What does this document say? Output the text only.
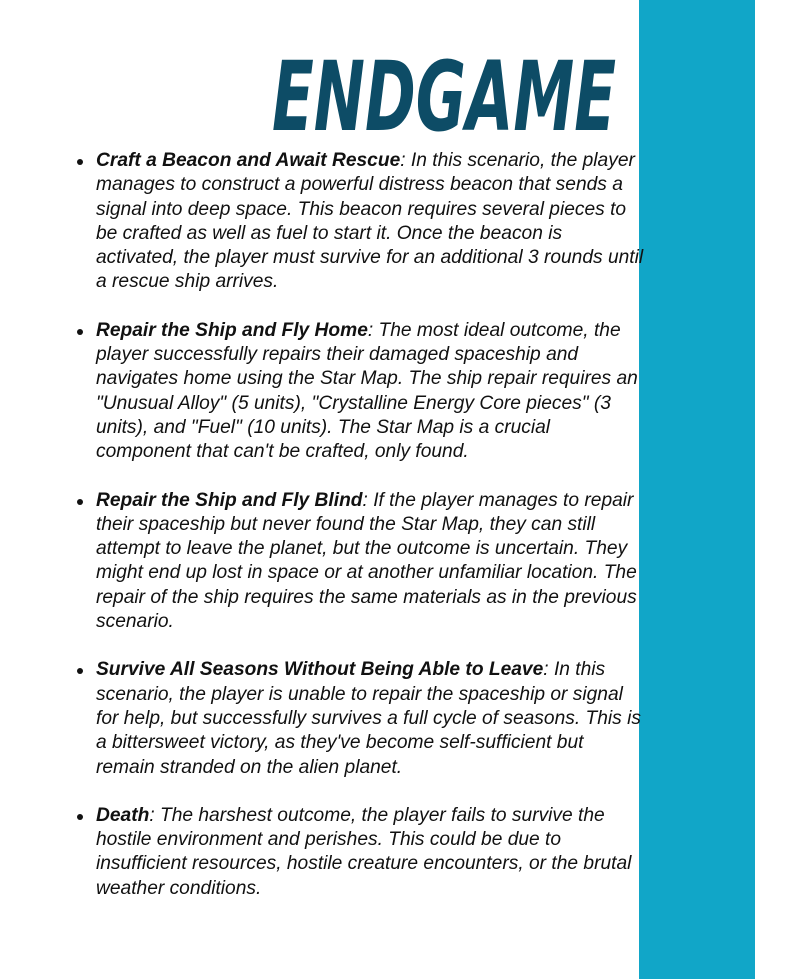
ENDGAME
Craft a Beacon and Await Rescue: In this scenario, the player manages to construct a powerful distress beacon that sends a signal into deep space. This beacon requires several pieces to be crafted as well as fuel to start it. Once the beacon is activated, the player must survive for an additional 3 rounds until a rescue ship arrives.
Repair the Ship and Fly Home: The most ideal outcome, the player successfully repairs their damaged spaceship and navigates home using the Star Map. The ship repair requires an "Unusual Alloy" (5 units), "Crystalline Energy Core pieces" (3 units), and "Fuel" (10 units). The Star Map is a crucial component that can't be crafted, only found.
Repair the Ship and Fly Blind: If the player manages to repair their spaceship but never found the Star Map, they can still attempt to leave the planet, but the outcome is uncertain. They might end up lost in space or at another unfamiliar location. The repair of the ship requires the same materials as in the previous scenario.
Survive All Seasons Without Being Able to Leave: In this scenario, the player is unable to repair the spaceship or signal for help, but successfully survives a full cycle of seasons. This is a bittersweet victory, as they've become self-sufficient but remain stranded on the alien planet.
Death: The harshest outcome, the player fails to survive the hostile environment and perishes. This could be due to insufficient resources, hostile creature encounters, or the brutal weather conditions.
